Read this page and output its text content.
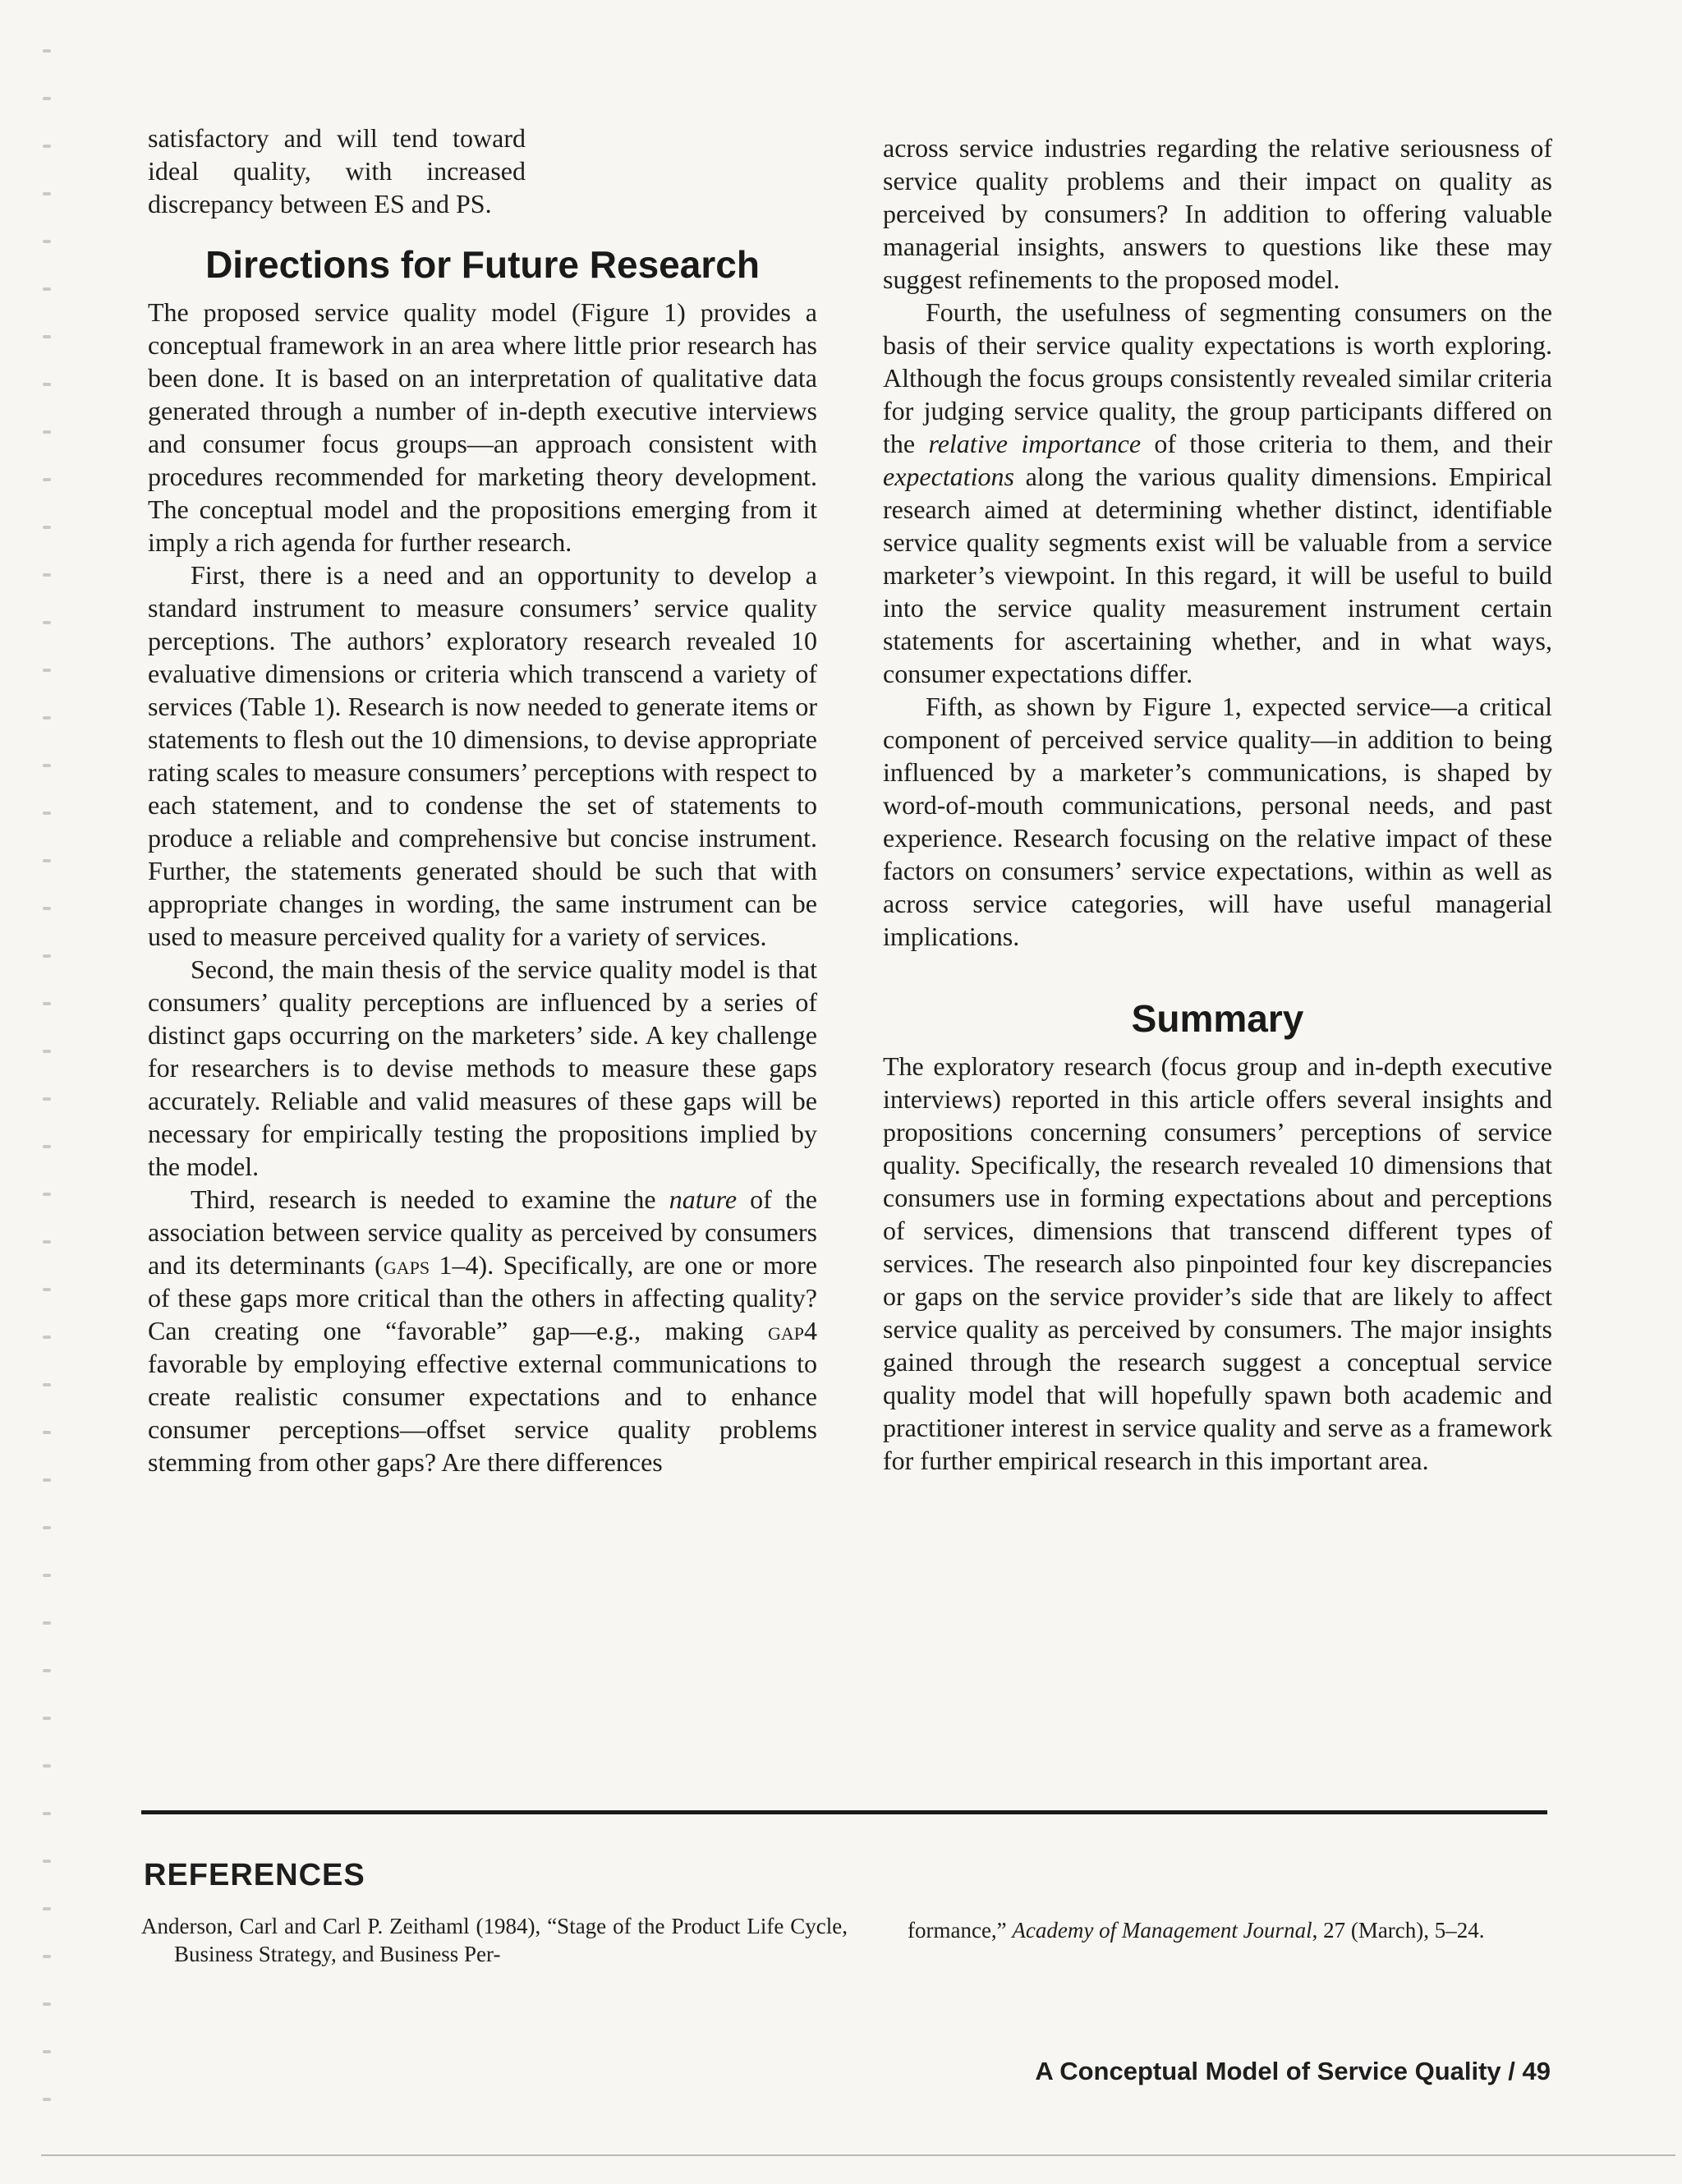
satisfactory and will tend toward ideal quality, with increased discrepancy between ES and PS.

Directions for Future Research

The proposed service quality model (Figure 1) provides a conceptual framework in an area where little prior research has been done. It is based on an interpretation of qualitative data generated through a number of in-depth executive interviews and consumer focus groups—an approach consistent with procedures recommended for marketing theory development. The conceptual model and the propositions emerging from it imply a rich agenda for further research.

First, there is a need and an opportunity to develop a standard instrument to measure consumers’ service quality perceptions. The authors’ exploratory research revealed 10 evaluative dimensions or criteria which transcend a variety of services (Table 1). Research is now needed to generate items or statements to flesh out the 10 dimensions, to devise appropriate rating scales to measure consumers’ perceptions with respect to each statement, and to condense the set of statements to produce a reliable and comprehensive but concise instrument. Further, the statements generated should be such that with appropriate changes in wording, the same instrument can be used to measure perceived quality for a variety of services.

Second, the main thesis of the service quality model is that consumers’ quality perceptions are influenced by a series of distinct gaps occurring on the marketers’ side. A key challenge for researchers is to devise methods to measure these gaps accurately. Reliable and valid measures of these gaps will be necessary for empirically testing the propositions implied by the model.

Third, research is needed to examine the nature of the association between service quality as perceived by consumers and its determinants (gaps 1–4). Specifically, are one or more of these gaps more critical than the others in affecting quality? Can creating one “favorable” gap—e.g., making gap4 favorable by employing effective external communications to create realistic consumer expectations and to enhance consumer perceptions—offset service quality problems stemming from other gaps? Are there differences

across service industries regarding the relative seriousness of service quality problems and their impact on quality as perceived by consumers? In addition to offering valuable managerial insights, answers to questions like these may suggest refinements to the proposed model.

Fourth, the usefulness of segmenting consumers on the basis of their service quality expectations is worth exploring. Although the focus groups consistently revealed similar criteria for judging service quality, the group participants differed on the relative importance of those criteria to them, and their expectations along the various quality dimensions. Empirical research aimed at determining whether distinct, identifiable service quality segments exist will be valuable from a service marketer’s viewpoint. In this regard, it will be useful to build into the service quality measurement instrument certain statements for ascertaining whether, and in what ways, consumer expectations differ.

Fifth, as shown by Figure 1, expected service—a critical component of perceived service quality—in addition to being influenced by a marketer’s communications, is shaped by word-of-mouth communications, personal needs, and past experience. Research focusing on the relative impact of these factors on consumers’ service expectations, within as well as across service categories, will have useful managerial implications.

Summary

The exploratory research (focus group and in-depth executive interviews) reported in this article offers several insights and propositions concerning consumers’ perceptions of service quality. Specifically, the research revealed 10 dimensions that consumers use in forming expectations about and perceptions of services, dimensions that transcend different types of services. The research also pinpointed four key discrepancies or gaps on the service provider’s side that are likely to affect service quality as perceived by consumers. The major insights gained through the research suggest a conceptual service quality model that will hopefully spawn both academic and practitioner interest in service quality and serve as a framework for further empirical research in this important area.

REFERENCES
Anderson, Carl and Carl P. Zeithaml (1984), “Stage of the Product Life Cycle, Business Strategy, and Business Per-
formance,” Academy of Management Journal, 27 (March), 5–24.
A Conceptual Model of Service Quality / 49
